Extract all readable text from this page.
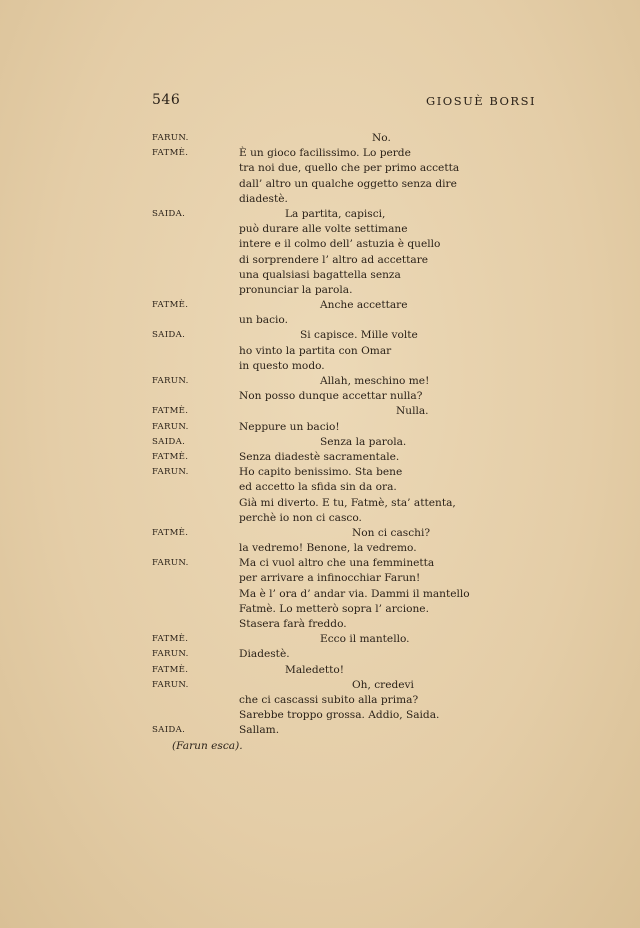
546	GIOSUÈ BORSI
FARUN.	No.
FATMÈ.	È un gioco facilissimo. Lo perde
tra noi due, quello che per primo accetta
dall’ altro un qualche oggetto senza dire
diadestè.
SAIDA.	La partita, capisci,
può durare alle volte settimane
intere e il colmo dell’ astuzia è quello
di sorprendere l’ altro ad accettare
una qualsiasi bagattella senza
pronunciar la parola.
FATMÈ.	Anche accettare
un bacio.
SAIDA.	Si capisce. Mille volte
ho vinto la partita con Omar
in questo modo.
FARUN.	Allah, meschino me!
Non posso dunque accettar nulla?
FATMÈ.	Nulla.
FARUN.	Neppure un bacio!
SAIDA.	Senza la parola.
FATMÈ.	Senza diadestè sacramentale.
FARUN.	Ho capito benissimo. Sta bene
ed accetto la sfida sin da ora.
Già mi diverto. E tu, Fatmè, sta’ attenta,
perchè io non ci casco.
FATMÈ.	Non ci caschi?
la vedremo! Benone, la vedremo.
FARUN.	Ma ci vuol altro che una femminetta
per arrivare a infinocchiar Farun!
Ma è l’ ora d’ andar via. Dammi il mantello
Fatmè. Lo metterò sopra l’ arcione.
Stasera farà freddo.
FATMÈ.	Ecco il mantello.
FARUN.	Diadestè.
FATMÈ.	Maledetto!
FARUN.	Oh, credevi
che ci cascassi subito alla prima?
Sarebbe troppo grossa. Addio, Saida.
SAIDA.	Sallam.
(Farun esca).
